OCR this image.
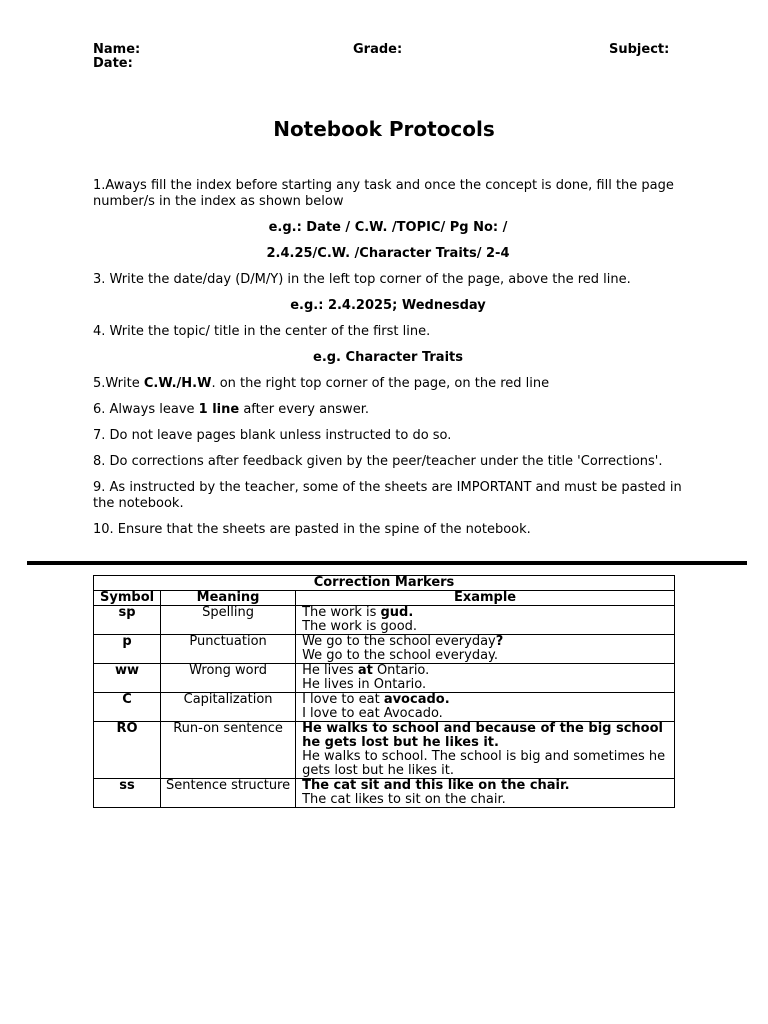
Name:	Grade:	Subject:
Date:
Notebook Protocols

1.Aways fill the index before starting any task and once the concept is done, fill the page number/s in the index as shown below

e.g.: Date / C.W. /TOPIC/ Pg No: /

2.4.25/C.W. /Character Traits/ 2-4

3. Write the date/day (D/M/Y) in the left top corner of the page, above the red line.

e.g.: 2.4.2025; Wednesday

4. Write the topic/ title in the center of the first line.

e.g. Character Traits

5.Write C.W./H.W. on the right top corner of the page, on the red line

6. Always leave 1 line after every answer.

7. Do not leave pages blank unless instructed to do so.

8. Do corrections after feedback given by the peer/teacher under the title 'Corrections'.

9. As instructed by the teacher, some of the sheets are IMPORTANT and must be pasted in the notebook.

10. Ensure that the sheets are pasted in the spine of the notebook.

Correction Markers		
Symbol	Meaning	Example
sp	Spelling	The work is gud.
The work is good.

p	Punctuation	We go to the school everyday?
We go to the school everyday.

ww	Wrong word	He lives at Ontario.
He lives in Ontario.

C	Capitalization	I love to eat avocado.
I love to eat Avocado.

RO	Run-on sentence	He walks to school and because of the big school he gets lost but he likes it.
He walks to school. The school is big and sometimes he gets lost but he likes it.

ss	Sentence structure	The cat sit and this like on the chair.
The cat likes to sit on the chair.
